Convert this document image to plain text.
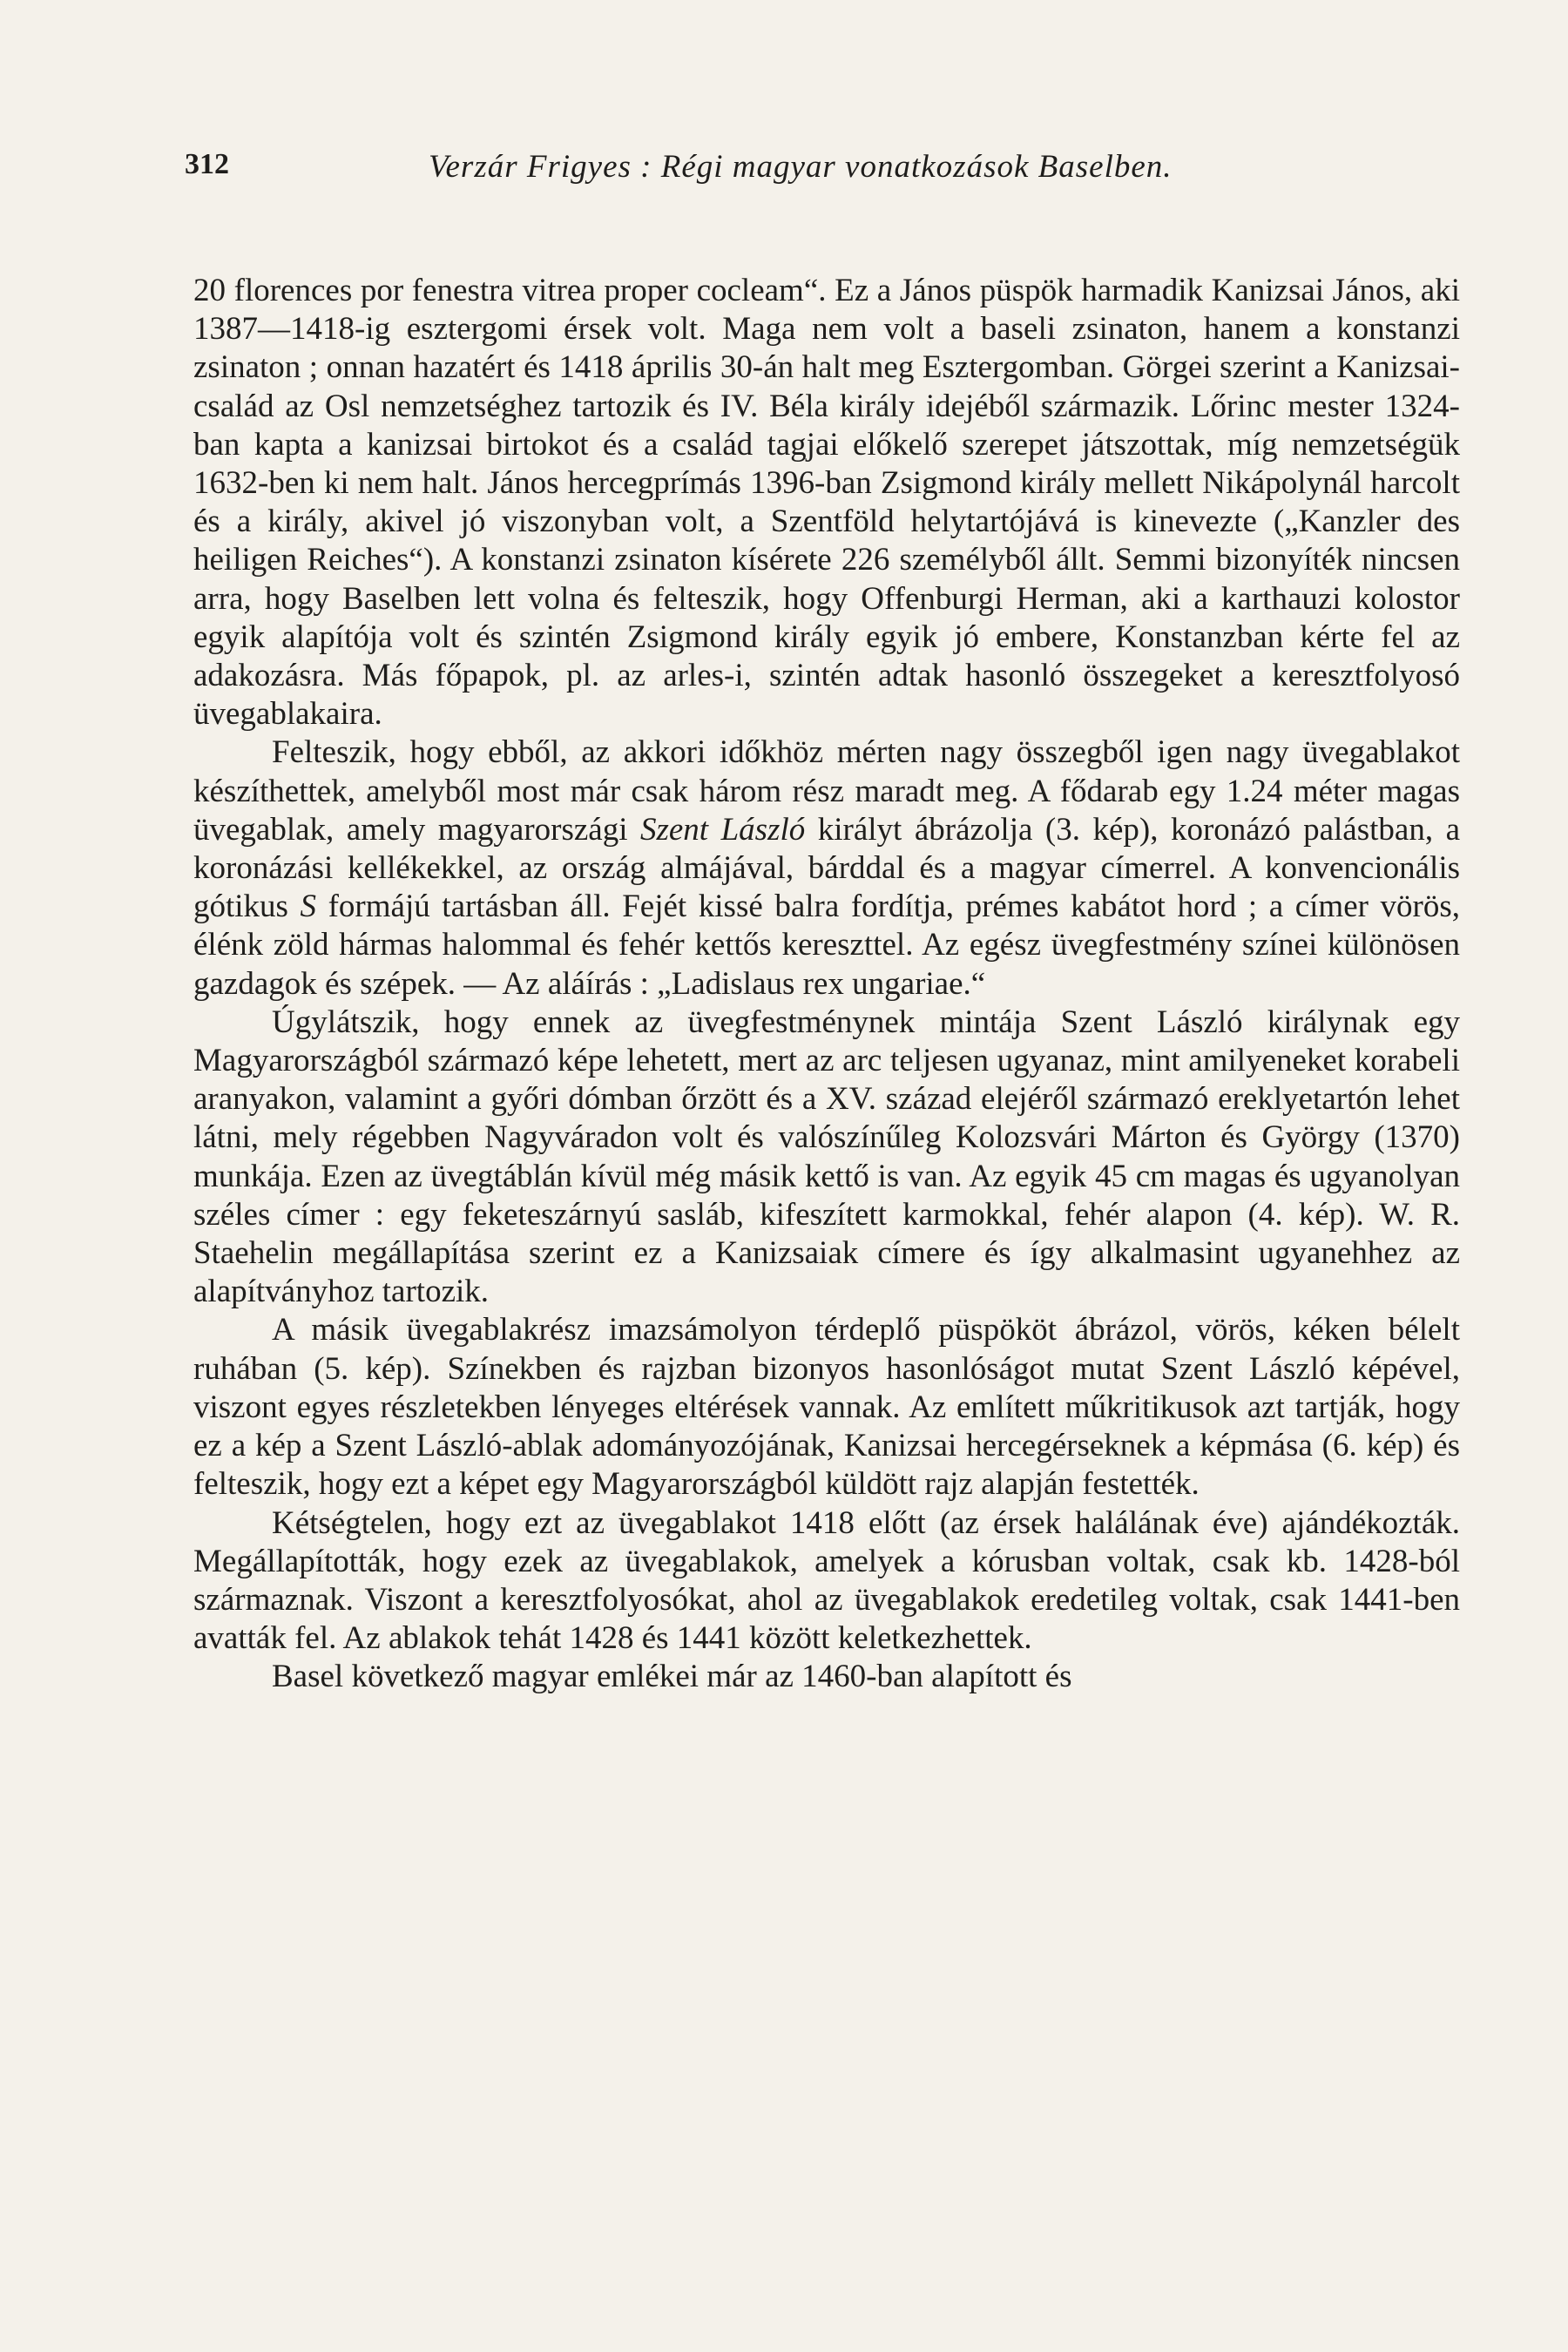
312	Verzár Frigyes : Régi magyar vonatkozások Baselben.

20 florences por fenestra vitrea proper cocleam“. Ez a János püspök harmadik Kanizsai János, aki 1387—1418-ig esztergomi érsek volt. Maga nem volt a baseli zsinaton, hanem a konstanzi zsinaton ; onnan hazatért és 1418 április 30-án halt meg Esztergomban. Görgei szerint a Kanizsai-család az Osl nemzetséghez tartozik és IV. Béla király idejéből származik. Lőrinc mester 1324-ban kapta a kanizsai birtokot és a család tagjai előkelő szerepet játszottak, míg nemzetségük 1632-ben ki nem halt. János hercegprímás 1396-ban Zsigmond király mellett Nikápolynál harcolt és a király, akivel jó viszonyban volt, a Szentföld helytartójává is kinevezte („Kanzler des heiligen Reiches“). A konstanzi zsinaton kísérete 226 személyből állt. Semmi bizonyíték nincsen arra, hogy Baselben lett volna és felteszik, hogy Offenburgi Herman, aki a karthauzi kolostor egyik alapítója volt és szintén Zsigmond király egyik jó embere, Konstanzban kérte fel az adakozásra. Más főpapok, pl. az arles-i, szintén adtak hasonló összegeket a keresztfolyosó üvegablakaira.

Felteszik, hogy ebből, az akkori időkhöz mérten nagy összegből igen nagy üvegablakot készíthettek, amelyből most már csak három rész maradt meg. A fődarab egy 1.24 méter magas üvegablak, amely magyarországi Szent László királyt ábrázolja (3. kép), koronázó palástban, a koronázási kellékekkel, az ország almájával, bárddal és a magyar címerrel. A konvencionális gótikus S formájú tartásban áll. Fejét kissé balra fordítja, prémes kabátot hord ; a címer vörös, élénk zöld hármas halommal és fehér kettős kereszttel. Az egész üvegfestmény színei különösen gazdagok és szépek. — Az aláírás : „Ladislaus rex ungariae.“

Úgylátszik, hogy ennek az üvegfestménynek mintája Szent László királynak egy Magyarországból származó képe lehetett, mert az arc teljesen ugyanaz, mint amilyeneket korabeli aranyakon, valamint a győri dómban őrzött és a XV. század elejéről származó ereklyetartón lehet látni, mely régebben Nagyváradon volt és valószínűleg Kolozsvári Márton és György (1370) munkája. Ezen az üvegtáblán kívül még másik kettő is van. Az egyik 45 cm magas és ugyanolyan széles címer : egy feketeszárnyú sasláb, kifeszített karmokkal, fehér alapon (4. kép). W. R. Staehelin megállapítása szerint ez a Kanizsaiak címere és így alkalmasint ugyanehhez az alapítványhoz tartozik.

A másik üvegablakrész imazsámolyon térdeplő püspököt ábrázol, vörös, kéken bélelt ruhában (5. kép). Színekben és rajzban bizonyos hasonlóságot mutat Szent László képével, viszont egyes részletekben lényeges eltérések vannak. Az említett műkritikusok azt tartják, hogy ez a kép a Szent László-ablak adományozójának, Kanizsai hercegérseknek a képmása (6. kép) és felteszik, hogy ezt a képet egy Magyarországból küldött rajz alapján festették.

Kétségtelen, hogy ezt az üvegablakot 1418 előtt (az érsek halálának éve) ajándékozták. Megállapították, hogy ezek az üvegablakok, amelyek a kórusban voltak, csak kb. 1428-ból származnak. Viszont a keresztfolyosókat, ahol az üvegablakok eredetileg voltak, csak 1441-ben avatták fel. Az ablakok tehát 1428 és 1441 között keletkezhettek.

Basel következő magyar emlékei már az 1460-ban alapított és
